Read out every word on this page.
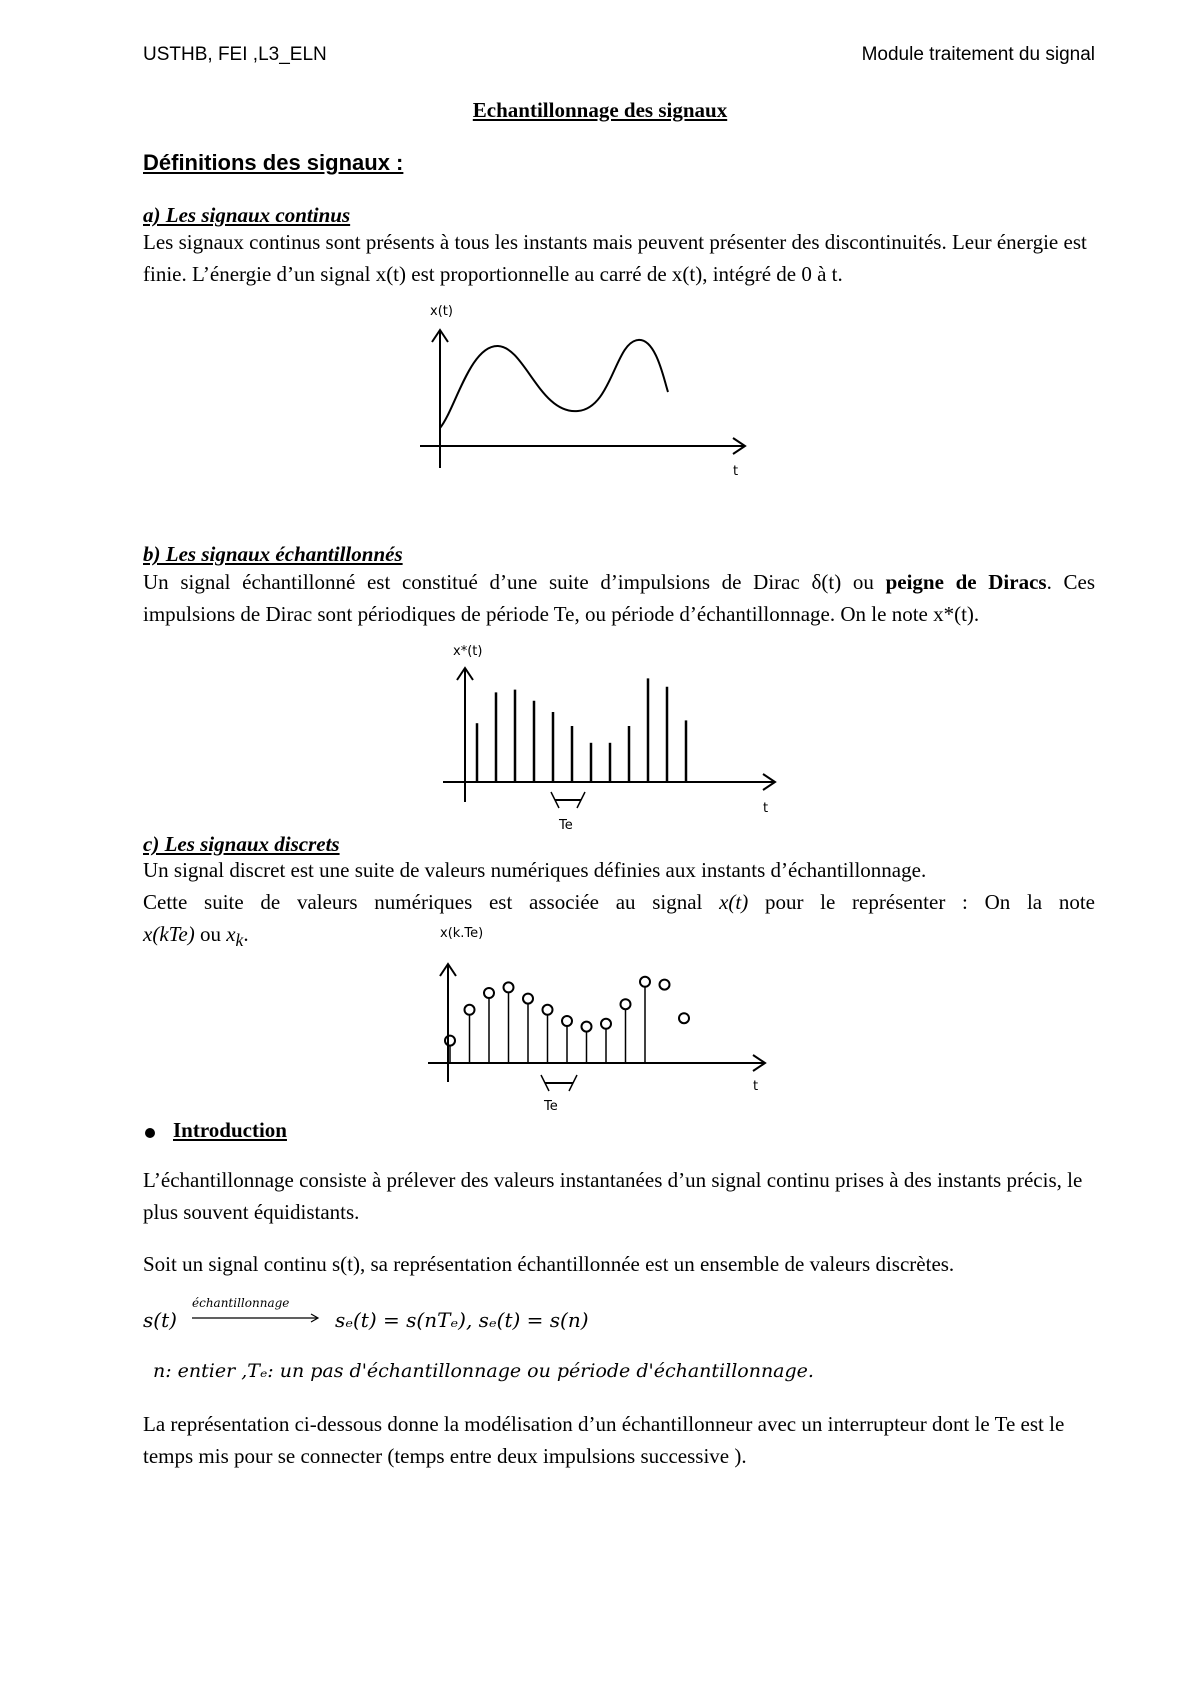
USTHB, FEI ,L3_ELN	Module traitement du signal
Echantillonnage des signaux
Définitions des signaux :
a) Les signaux continus
Les signaux continus sont présents à tous les instants mais peuvent présenter des discontinuités. Leur énergie est finie. L’énergie d’un signal x(t) est proportionnelle au carré de x(t), intégré de 0 à t.
x(t)
t
b) Les signaux échantillonnés
Un signal échantillonné est constitué d’une suite d’impulsions de Dirac δ(t) ou peigne de Diracs. Ces impulsions de Dirac sont périodiques de période Te, ou période d’échantillonnage. On le note x*(t).
x*(t)
t
Te
c) Les signaux discrets
Un signal discret est une suite de valeurs numériques définies aux instants d’échantillonnage.
Cette suite de valeurs numériques est associée au signal x(t) pour le représenter : On la note
x(kTe) ou $x_k$.	x(k.Te)
t
Te
Introduction
L’échantillonnage consiste à prélever des valeurs instantanées d’un signal continu prises à des instants précis, le plus souvent équidistants.
Soit un signal continu s(t), sa représentation échantillonnée est un ensemble de valeurs discrètes.
s(t)
échantillonnage
sₑ(t) = s(nTₑ), sₑ(t) = s(n)
n: entier ,Tₑ: un pas d'échantillonnage ou période d'échantillonnage.
La représentation ci-dessous donne la modélisation d’un échantillonneur avec un interrupteur dont le Te est le temps mis pour se connecter (temps entre deux impulsions successive ).
